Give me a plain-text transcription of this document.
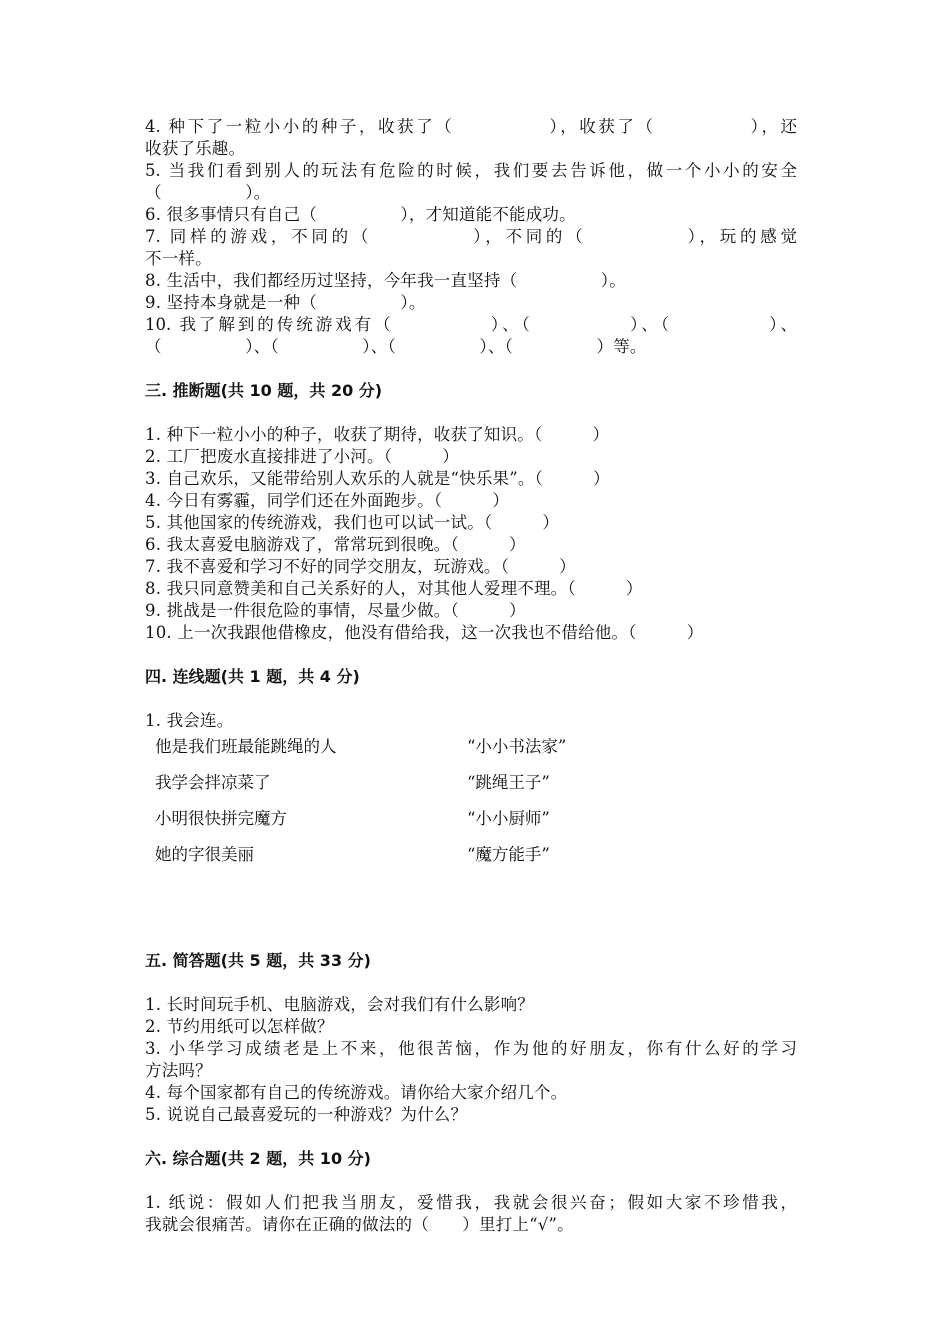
4. 种下了一粒小小的种子，收获了（　　　　　），收获了（　　　　　），还
收获了乐趣。
5. 当我们看到别人的玩法有危险的时候，我们要去告诉他，做一个小小的安全
（　　　　　）。
6. 很多事情只有自己（　　　　　），才知道能不能成功。
7. 同样的游戏，不同的（　　　　　），不同的（　　　　　），玩的感觉
不一样。
8. 生活中，我们都经历过坚持，今年我一直坚持（　　　　　）。
9. 坚持本身就是一种（　　　　　）。
10. 我了解到的传统游戏有（　　　　　）、（　　　　　）、（　　　　　）、
（　　　　　）、（　　　　　）、（　　　　　）、（　　　　　）等。
三. 推断题(共 10 题，共 20 分)
1. 种下一粒小小的种子，收获了期待，收获了知识。（　　　）
2. 工厂把废水直接排进了小河。（　　　）
3. 自己欢乐，又能带给别人欢乐的人就是“快乐果”。（　　　）
4. 今日有雾霾，同学们还在外面跑步。（　　　）
5. 其他国家的传统游戏，我们也可以试一试。（　　　）
6. 我太喜爱电脑游戏了，常常玩到很晚。（　　　）
7. 我不喜爱和学习不好的同学交朋友，玩游戏。（　　　）
8. 我只同意赞美和自己关系好的人，对其他人爱理不理。（　　　）
9. 挑战是一件很危险的事情，尽量少做。（　　　）
10. 上一次我跟他借橡皮，他没有借给我，这一次我也不借给他。（　　　）
四. 连线题(共 1 题，共 4 分)
1. 我会连。
他是我们班最能跳绳的人	“小小书法家”
我学会拌凉菜了	“跳绳王子”
小明很快拼完魔方	“小小厨师”
她的字很美丽	“魔方能手”
五. 简答题(共 5 题，共 33 分)
1. 长时间玩手机、电脑游戏，会对我们有什么影响？
2. 节约用纸可以怎样做？
3. 小华学习成绩老是上不来，他很苦恼，作为他的好朋友，你有什么好的学习
方法吗？
4. 每个国家都有自己的传统游戏。请你给大家介绍几个。
5. 说说自己最喜爱玩的一种游戏？为什么？
六. 综合题(共 2 题，共 10 分)
1. 纸说：假如人们把我当朋友，爱惜我，我就会很兴奋；假如大家不珍惜我，
我就会很痛苦。请你在正确的做法的（　　）里打上“√”。
